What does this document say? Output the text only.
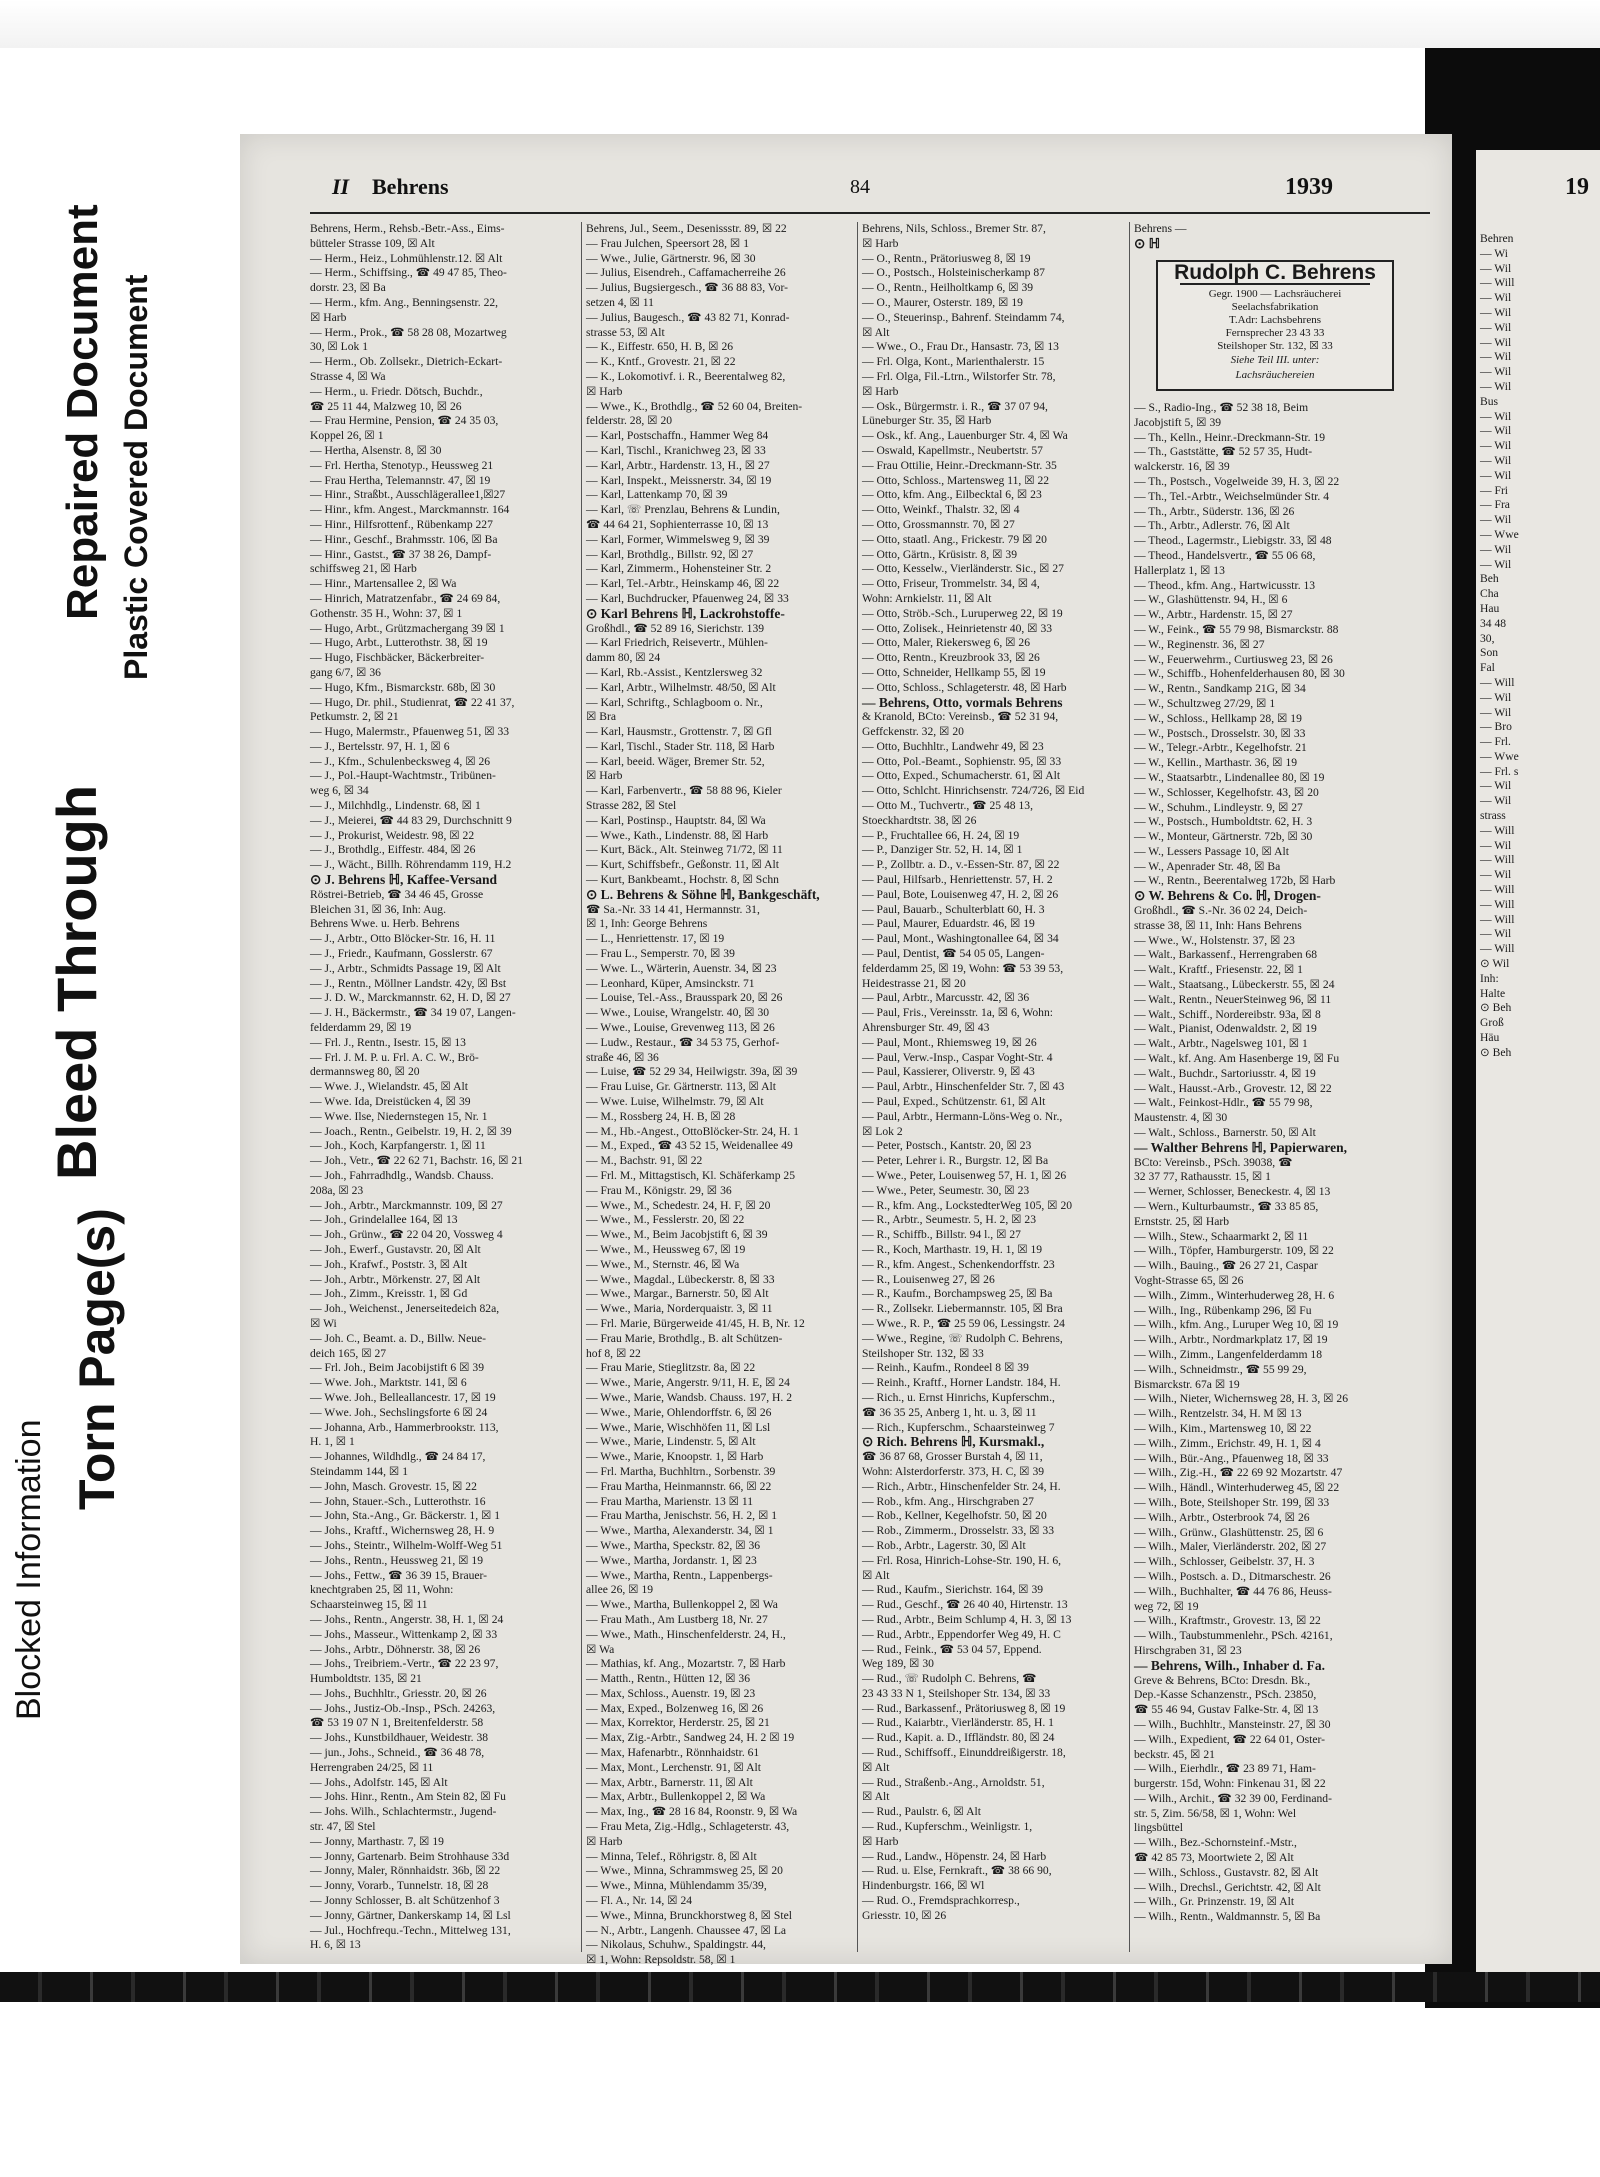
Blocked Information
Torn Page(s)
Bleed Through
Repaired Document Plastic Covered Document
II Behrens	84	1939

Behrens, Herm., Rehsb.-Betr.-Ass., Eims-

bütteler Strasse 109, ☒ Alt

— Herm., Heiz., Lohmühlenstr.12. ☒ Alt

— Herm., Schiffsing., ☎ 49 47 85, Theo-

dorstr. 23, ☒ Ba

— Herm., kfm. Ang., Benningsenstr. 22,

☒ Harb

— Herm., Prok., ☎ 58 28 08, Mozartweg

30, ☒ Lok 1

— Herm., Ob. Zollsekr., Dietrich-Eckart-

Strasse 4, ☒ Wa

— Herm., u. Friedr. Dötsch, Buchdr.,

☎ 25 11 44, Malzweg 10, ☒ 26

— Frau Hermine, Pension, ☎ 24 35 03,

Koppel 26, ☒ 1

— Hertha, Alsenstr. 8, ☒ 30

— Frl. Hertha, Stenotyp., Heussweg 21

— Frau Hertha, Telemannstr. 47, ☒ 19

— Hinr., Straßbt., Ausschlägerallee1,☒27

— Hinr., kfm. Angest., Marckmannstr. 164

— Hinr., Hilfsrottenf., Rübenkamp 227

— Hinr., Geschf., Brahmsstr. 106, ☒ Ba

— Hinr., Gastst., ☎ 37 38 26, Dampf-

schiffsweg 21, ☒ Harb

— Hinr., Martensallee 2, ☒ Wa

— Hinrich, Matratzenfabr., ☎ 24 69 84,

Gothenstr. 35 H., Wohn: 37, ☒ 1

— Hugo, Arbt., Grützmachergang 39 ☒ 1

— Hugo, Arbt., Lutterothstr. 38, ☒ 19

— Hugo, Fischbäcker, Bäckerbreiter-

gang 6/7, ☒ 36

— Hugo, Kfm., Bismarckstr. 68b, ☒ 30

— Hugo, Dr. phil., Studienrat, ☎ 22 41 37,

Petkumstr. 2, ☒ 21

— Hugo, Malermstr., Pfauenweg 51, ☒ 33

— J., Bertelsstr. 97, H. 1, ☒ 6

— J., Kfm., Schulenbecksweg 4, ☒ 26

— J., Pol.-Haupt-Wachtmstr., Tribünen-

weg 6, ☒ 34

— J., Milchhdlg., Lindenstr. 68, ☒ 1

— J., Meierei, ☎ 44 83 29, Durchschnitt 9

— J., Prokurist, Weidestr. 98, ☒ 22

— J., Brothdlg., Eiffestr. 484, ☒ 26

— J., Wächt., Billh. Röhrendamm 119, H.2

⊙ J. Behrens ℍ, Kaffee-Versand

Röstrei-Betrieb, ☎ 34 46 45, Grosse

Bleichen 31, ☒ 36, Inh: Aug.

Behrens Wwe. u. Herb. Behrens

— J., Arbtr., Otto Blöcker-Str. 16, H. 11

— J., Friedr., Kaufmann, Gosslerstr. 67

— J., Arbtr., Schmidts Passage 19, ☒ Alt

— J., Rentn., Möllner Landstr. 42y, ☒ Bst

— J. D. W., Marckmannstr. 62, H. D, ☒ 27

— J. H., Bäckermstr., ☎ 34 19 07, Langen-

felderdamm 29, ☒ 19

— Frl. J., Rentn., Isestr. 15, ☒ 13

— Frl. J. M. P. u. Frl. A. C. W., Brö-

dermannsweg 80, ☒ 20

— Wwe. J., Wielandstr. 45, ☒ Alt

— Wwe. Ida, Dreistücken 4, ☒ 39

— Wwe. Ilse, Niedernstegen 15, Nr. 1

— Joach., Rentn., Geibelstr. 19, H. 2, ☒ 39

— Joh., Koch, Karpfangerstr. 1, ☒ 11

— Joh., Vetr., ☎ 22 62 71, Bachstr. 16, ☒ 21

— Joh., Fahrradhdlg., Wandsb. Chauss.

208a, ☒ 23

— Joh., Arbtr., Marckmannstr. 109, ☒ 27

— Joh., Grindelallee 164, ☒ 13

— Joh., Grünw., ☎ 22 04 20, Vossweg 4

— Joh., Ewerf., Gustavstr. 20, ☒ Alt

— Joh., Krafwf., Poststr. 3, ☒ Alt

— Joh., Arbtr., Mörkenstr. 27, ☒ Alt

— Joh., Zimm., Kreisstr. 1, ☒ Gd

— Joh., Weichenst., Jenerseitedeich 82a,

☒ Wi

— Joh. C., Beamt. a. D., Billw. Neue-

deich 165, ☒ 27

— Frl. Joh., Beim Jacobijstift 6 ☒ 39

— Wwe. Joh., Marktstr. 141, ☒ 6

— Wwe. Joh., Belleallancestr. 17, ☒ 19

— Wwe. Joh., Sechslingsforte 6 ☒ 24

— Johanna, Arb., Hammerbrookstr. 113,

H. 1, ☒ 1

— Johannes, Wildhdlg., ☎ 24 84 17,

Steindamm 144, ☒ 1

— John, Masch. Grovestr. 15, ☒ 22

— John, Stauer.-Sch., Lutterothstr. 16

— John, Sta.-Ang., Gr. Bäckerstr. 1, ☒ 1

— Johs., Kraftf., Wichernsweg 28, H. 9

— Johs., Steintr., Wilhelm-Wolff-Weg 51

— Johs., Rentn., Heussweg 21, ☒ 19

— Johs., Fettw., ☎ 36 39 15, Brauer-

knechtgraben 25, ☒ 11, Wohn:

Schaarsteinweg 15, ☒ 11

— Johs., Rentn., Angerstr. 38, H. 1, ☒ 24

— Johs., Masseur., Wittenkamp 2, ☒ 33

— Johs., Arbtr., Döhnerstr. 38, ☒ 26

— Johs., Treibriem.-Vertr., ☎ 22 23 97,

Humboldtstr. 135, ☒ 21

— Johs., Buchhltr., Griesstr. 20, ☒ 26

— Johs., Justiz-Ob.-Insp., PSch. 24263,

☎ 53 19 07 N 1, Breitenfelderstr. 58

— Johs., Kunstbildhauer, Weidestr. 38

— jun., Johs., Schneid., ☎ 36 48 78,

Herrengraben 24/25, ☒ 11

— Johs., Adolfstr. 145, ☒ Alt

— Johs. Hinr., Rentn., Am Stein 82, ☒ Fu

— Johs. Wilh., Schlachtermstr., Jugend-

str. 47, ☒ Stel

— Jonny, Marthastr. 7, ☒ 19

— Jonny, Gartenarb. Beim Strohhause 33d

— Jonny, Maler, Rönnhaidstr. 36b, ☒ 22

— Jonny, Vorarb., Tunnelstr. 18, ☒ 28

— Jonny Schlosser, B. alt Schützenhof 3

— Jonny, Gärtner, Dankerskamp 14, ☒ Lsl

— Jul., Hochfrequ.-Techn., Mittelweg 131,

H. 6, ☒ 13

Behrens, Jul., Seem., Desenissstr. 89, ☒ 22

— Frau Julchen, Speersort 28, ☒ 1

— Wwe., Julie, Gärtnerstr. 96, ☒ 30

— Julius, Eisendreh., Caffamacherreihe 26

— Julius, Bugsiergesch., ☎ 36 88 83, Vor-

setzen 4, ☒ 11

— Julius, Baugesch., ☎ 43 82 71, Konrad-

strasse 53, ☒ Alt

— K., Eiffestr. 650, H. B, ☒ 26

— K., Kntf., Grovestr. 21, ☒ 22

— K., Lokomotivf. i. R., Beerentalweg 82,

☒ Harb

— Wwe., K., Brothdlg., ☎ 52 60 04, Breiten-

felderstr. 28, ☒ 20

— Karl, Postschaffn., Hammer Weg 84

— Karl, Tischl., Kranichweg 23, ☒ 33

— Karl, Arbtr., Hardenstr. 13, H., ☒ 27

— Karl, Inspekt., Meissnerstr. 34, ☒ 19

— Karl, Lattenkamp 70, ☒ 39

— Karl, ☏ Prenzlau, Behrens & Lundin,

☎ 44 64 21, Sophienterrasse 10, ☒ 13

— Karl, Former, Wimmelsweg 9, ☒ 39

— Karl, Brothdlg., Billstr. 92, ☒ 27

— Karl, Zimmerm., Hohensteiner Str. 2

— Karl, Tel.-Arbtr., Heinskamp 46, ☒ 22

— Karl, Buchdrucker, Pfauenweg 24, ☒ 33

⊙ Karl Behrens ℍ, Lackrohstoffe-

Großhdl., ☎ 52 89 16, Sierichstr. 139

— Karl Friedrich, Reisevertr., Mühlen-

damm 80, ☒ 24

— Karl, Rb.-Assist., Kentzlersweg 32

— Karl, Arbtr., Wilhelmstr. 48/50, ☒ Alt

— Karl, Schriftg., Schlagboom o. Nr.,

☒ Bra

— Karl, Hausmstr., Grottenstr. 7, ☒ Gfl

— Karl, Tischl., Stader Str. 118, ☒ Harb

— Karl, beeid. Wäger, Bremer Str. 52,

☒ Harb

— Karl, Farbenvertr., ☎ 58 88 96, Kieler

Strasse 282, ☒ Stel

— Karl, Postinsp., Hauptstr. 84, ☒ Wa

— Wwe., Kath., Lindenstr. 88, ☒ Harb

— Kurt, Bäck., Alt. Steinweg 71/72, ☒ 11

— Kurt, Schiffsbefr., Geßonstr. 11, ☒ Alt

— Kurt, Bankbeamt., Hochstr. 8, ☒ Schn

⊙ L. Behrens & Söhne ℍ, Bankgeschäft,

☎ Sa.-Nr. 33 14 41, Hermannstr. 31,

☒ 1, Inh: George Behrens

— L., Henriettenstr. 17, ☒ 19

— Frau L., Semperstr. 70, ☒ 39

— Wwe. L., Wärterin, Auenstr. 34, ☒ 23

— Leonhard, Küper, Amsinckstr. 71

— Louise, Tel.-Ass., Brausspark 20, ☒ 26

— Wwe., Louise, Wrangelstr. 40, ☒ 30

— Wwe., Louise, Grevenweg 113, ☒ 26

— Ludw., Restaur., ☎ 34 53 75, Gerhof-

straße 46, ☒ 36

— Luise, ☎ 52 29 34, Heilwigstr. 39a, ☒ 39

— Frau Luise, Gr. Gärtnerstr. 113, ☒ Alt

— Wwe. Luise, Wilhelmstr. 79, ☒ Alt

— M., Rossberg 24, H. B, ☒ 28

— M., Hb.-Angest., OttoBlöcker-Str. 24, H. 1

— M., Exped., ☎ 43 52 15, Weidenallee 49

— M., Bachstr. 91, ☒ 22

— Frl. M., Mittagstisch, Kl. Schäferkamp 25

— Frau M., Königstr. 29, ☒ 36

— Wwe., M., Schedestr. 24, H. F, ☒ 20

— Wwe., M., Fesslerstr. 20, ☒ 22

— Wwe., M., Beim Jacobjstift 6, ☒ 39

— Wwe., M., Heussweg 67, ☒ 19

— Wwe., M., Sternstr. 46, ☒ Wa

— Wwe., Magdal., Lübeckerstr. 8, ☒ 33

— Wwe., Margar., Barnerstr. 50, ☒ Alt

— Wwe., Maria, Norderquaistr. 3, ☒ 11

— Frl. Marie, Bürgerweide 41/45, H. B, Nr. 12

— Frau Marie, Brothdlg., B. alt Schützen-

hof 8, ☒ 22

— Frau Marie, Stieglitzstr. 8a, ☒ 22

— Wwe., Marie, Angerstr. 9/11, H. E, ☒ 24

— Wwe., Marie, Wandsb. Chauss. 197, H. 2

— Wwe., Marie, Ohlendorffstr. 6, ☒ 26

— Wwe., Marie, Wischhöfen 11, ☒ Lsl

— Wwe., Marie, Lindenstr. 5, ☒ Alt

— Wwe., Marie, Knoopstr. 1, ☒ Harb

— Frl. Martha, Buchhltrn., Sorbenstr. 39

— Frau Martha, Heinmannstr. 66, ☒ 22

— Frau Martha, Marienstr. 13 ☒ 11

— Frau Martha, Jenischstr. 56, H. 2, ☒ 1

— Wwe., Martha, Alexanderstr. 34, ☒ 1

— Wwe., Martha, Speckstr. 82, ☒ 36

— Wwe., Martha, Jordanstr. 1, ☒ 23

— Wwe., Martha, Rentn., Lappenbergs-

allee 26, ☒ 19

— Wwe., Martha, Bullenkoppel 2, ☒ Wa

— Frau Math., Am Lustberg 18, Nr. 27

— Wwe., Math., Hinschenfelderstr. 24, H.,

☒ Wa

— Mathias, kf. Ang., Mozartstr. 7, ☒ Harb

— Matth., Rentn., Hütten 12, ☒ 36

— Max, Schloss., Auenstr. 19, ☒ 23

— Max, Exped., Bolzenweg 16, ☒ 26

— Max, Korrektor, Herderstr. 25, ☒ 21

— Max, Zig.-Arbtr., Sandweg 24, H. 2 ☒ 19

— Max, Hafenarbtr., Rönnhaidstr. 61

— Max, Mont., Lerchenstr. 91, ☒ Alt

— Max, Arbtr., Barnerstr. 11, ☒ Alt

— Max, Arbtr., Bullenkoppel 2, ☒ Wa

— Max, Ing., ☎ 28 16 84, Roonstr. 9, ☒ Wa

— Frau Meta, Zig.-Hdlg., Schlageterstr. 43,

☒ Harb

— Minna, Telef., Röhrigstr. 8, ☒ Alt

— Wwe., Minna, Schrammsweg 25, ☒ 20

— Wwe., Minna, Mühlendamm 35/39,

— Fl. A., Nr. 14, ☒ 24

— Wwe., Minna, Brunckhorstweg 8, ☒ Stel

— N., Arbtr., Langenh. Chaussee 47, ☒ La

— Nikolaus, Schuhw., Spaldingstr. 44,

☒ 1, Wohn: Repsoldstr. 58, ☒ 1

Behrens, Nils, Schloss., Bremer Str. 87,

☒ Harb

— O., Rentn., Prätoriusweg 8, ☒ 19

— O., Postsch., Holsteinischerkamp 87

— O., Rentn., Heilholtkamp 6, ☒ 39

— O., Maurer, Osterstr. 189, ☒ 19

— O., Steuerinsp., Bahrenf. Steindamm 74,

☒ Alt

— Wwe., O., Frau Dr., Hansastr. 73, ☒ 13

— Frl. Olga, Kont., Marienthalerstr. 15

— Frl. Olga, Fil.-Ltrn., Wilstorfer Str. 78,

☒ Harb

— Osk., Bürgermstr. i. R., ☎ 37 07 94,

Lüneburger Str. 35, ☒ Harb

— Osk., kf. Ang., Lauenburger Str. 4, ☒ Wa

— Oswald, Kapellmstr., Neubertstr. 57

— Frau Ottilie, Heinr.-Dreckmann-Str. 35

— Otto, Schloss., Martensweg 11, ☒ 22

— Otto, kfm. Ang., Eilbecktal 6, ☒ 23

— Otto, Weinkf., Thalstr. 32, ☒ 4

— Otto, Grossmannstr. 70, ☒ 27

— Otto, staatl. Ang., Frickestr. 79 ☒ 20

— Otto, Gärtn., Krüsistr. 8, ☒ 39

— Otto, Kesselw., Vierländerstr. Sic., ☒ 27

— Otto, Friseur, Trommelstr. 34, ☒ 4,

Wohn: Arnkielstr. 11, ☒ Alt

— Otto, Ströb.-Sch., Luruperweg 22, ☒ 19

— Otto, Zolisek., Heinrietenstr 40, ☒ 33

— Otto, Maler, Riekersweg 6, ☒ 26

— Otto, Rentn., Kreuzbrook 33, ☒ 26

— Otto, Schneider, Hellkamp 55, ☒ 19

— Otto, Schloss., Schlageterstr. 48, ☒ Harb

— Behrens, Otto, vormals Behrens

& Kranold, BCto: Vereinsb., ☎ 52 31 94,

Geffckenstr. 32, ☒ 20

— Otto, Buchhltr., Landwehr 49, ☒ 23

— Otto, Pol.-Beamt., Sophienstr. 95, ☒ 33

— Otto, Exped., Schumacherstr. 61, ☒ Alt

— Otto, Schlcht. Hinrichsenstr. 724/726, ☒ Eid

— Otto M., Tuchvertr., ☎ 25 48 13,

Stoeckhardtstr. 38, ☒ 26

— P., Fruchtallee 66, H. 24, ☒ 19

— P., Danziger Str. 52, H. 14, ☒ 1

— P., Zollbtr. a. D., v.-Essen-Str. 87, ☒ 22

— Paul, Hilfsarb., Henriettenstr. 57, H. 2

— Paul, Bote, Louisenweg 47, H. 2, ☒ 26

— Paul, Bauarb., Schulterblatt 60, H. 3

— Paul, Maurer, Eduardstr. 46, ☒ 19

— Paul, Mont., Washingtonallee 64, ☒ 34

— Paul, Dentist, ☎ 54 05 05, Langen-

felderdamm 25, ☒ 19, Wohn: ☎ 53 39 53,

Heidestrasse 21, ☒ 20

— Paul, Arbtr., Marcusstr. 42, ☒ 36

— Paul, Fris., Vereinsstr. 1a, ☒ 6, Wohn:

Ahrensburger Str. 49, ☒ 43

— Paul, Mont., Rhiemsweg 19, ☒ 26

— Paul, Verw.-Insp., Caspar Voght-Str. 4

— Paul, Kassierer, Oliverstr. 9, ☒ 43

— Paul, Arbtr., Hinschenfelder Str. 7, ☒ 43

— Paul, Exped., Schützenstr. 61, ☒ Alt

— Paul, Arbtr., Hermann-Löns-Weg o. Nr.,

☒ Lok 2

— Peter, Postsch., Kantstr. 20, ☒ 23

— Peter, Lehrer i. R., Burgstr. 12, ☒ Ba

— Wwe., Peter, Louisenweg 57, H. 1, ☒ 26

— Wwe., Peter, Seumestr. 30, ☒ 23

— R., kfm. Ang., LockstedterWeg 105, ☒ 20

— R., Arbtr., Seumestr. 5, H. 2, ☒ 23

— R., Schiffb., Billstr. 94 l., ☒ 27

— R., Koch, Marthastr. 19, H. 1, ☒ 19

— R., kfm. Angest., Schenkendorffstr. 23

— R., Louisenweg 27, ☒ 26

— R., Kaufm., Borchampsweg 25, ☒ Ba

— R., Zollsekr. Liebermannstr. 105, ☒ Bra

— Wwe., R. P., ☎ 25 59 06, Lessingstr. 24

— Wwe., Regine, ☏ Rudolph C. Behrens,

Steilshoper Str. 132, ☒ 33

— Reinh., Kaufm., Rondeel 8 ☒ 39

— Reinh., Kraftf., Horner Landstr. 184, H.

— Rich., u. Ernst Hinrichs, Kupferschm.,

☎ 36 35 25, Anberg 1, ht. u. 3, ☒ 11

— Rich., Kupferschm., Schaarsteinweg 7

⊙ Rich. Behrens ℍ, Kursmakl.,

☎ 36 87 68, Grosser Burstah 4, ☒ 11,

Wohn: Alsterdorferstr. 373, H. C, ☒ 39

— Rich., Arbtr., Hinschenfelder Str. 24, H.

— Rob., kfm. Ang., Hirschgraben 27

— Rob., Kellner, Kegelhofstr. 50, ☒ 20

— Rob., Zimmerm., Drosselstr. 33, ☒ 33

— Rob., Arbtr., Lagerstr. 30, ☒ Alt

— Frl. Rosa, Hinrich-Lohse-Str. 190, H. 6,

☒ Alt

— Rud., Kaufm., Sierichstr. 164, ☒ 39

— Rud., Geschf., ☎ 26 40 40, Hirtenstr. 13

— Rud., Arbtr., Beim Schlump 4, H. 3, ☒ 13

— Rud., Arbtr., Eppendorfer Weg 49, H. C

— Rud., Feink., ☎ 53 04 57, Eppend.

Weg 189, ☒ 30

— Rud., ☏ Rudolph C. Behrens, ☎

23 43 33 N 1, Steilshoper Str. 134, ☒ 33

— Rud., Barkassenf., Prätoriusweg 8, ☒ 19

— Rud., Kaiarbtr., Vierländerstr. 85, H. 1

— Rud., Kapit. a. D., Iffländstr. 80, ☒ 24

— Rud., Schiffsoff., Einunddreißigerstr. 18,

☒ Alt

— Rud., Straßenb.-Ang., Arnoldstr. 51,

☒ Alt

— Rud., Paulstr. 6, ☒ Alt

— Rud., Kupferschm., Weinligstr. 1,

☒ Harb

— Rud., Landw., Höpenstr. 24, ☒ Harb

— Rud. u. Else, Fernkraft., ☎ 38 66 90,

Hindenburgstr. 166, ☒ Wl

— Rud. O., Fremdsprachkorresp.,

Griesstr. 10, ☒ 26

Behrens —

⊙ ℍ

Rudolph C. Behrens
Gegr. 1900 — Lachsräucherei
Seelachsfabrikation
T.Adr: Lachsbehrens
Fernsprecher 23 43 33
Steilshoper Str. 132, ☒ 33
Siehe Teil III. unter:
Lachsräuchereien

— S., Radio-Ing., ☎ 52 38 18, Beim

Jacobjstift 5, ☒ 39

— Th., Kelln., Heinr.-Dreckmann-Str. 19

— Th., Gaststätte, ☎ 52 57 35, Hudt-

walckerstr. 16, ☒ 39

— Th., Postsch., Vogelweide 39, H. 3, ☒ 22

— Th., Tel.-Arbtr., Weichselmünder Str. 4

— Th., Arbtr., Süderstr. 136, ☒ 26

— Th., Arbtr., Adlerstr. 76, ☒ Alt

— Theod., Lagermstr., Liebigstr. 33, ☒ 48

— Theod., Handelsvertr., ☎ 55 06 68,

Hallerplatz 1, ☒ 13

— Theod., kfm. Ang., Hartwicusstr. 13

— W., Glashüttenstr. 94, H., ☒ 6

— W., Arbtr., Hardenstr. 15, ☒ 27

— W., Feink., ☎ 55 79 98, Bismarckstr. 88

— W., Reginenstr. 36, ☒ 27

— W., Feuerwehrm., Curtiusweg 23, ☒ 26

— W., Schiffb., Hohenfelderhausen 80, ☒ 30

— W., Rentn., Sandkamp 21G, ☒ 34

— W., Schultzweg 27/29, ☒ 1

— W., Schloss., Hellkamp 28, ☒ 19

— W., Postsch., Drosselstr. 30, ☒ 33

— W., Telegr.-Arbtr., Kegelhofstr. 21

— W., Kellin., Marthastr. 36, ☒ 19

— W., Staatsarbtr., Lindenallee 80, ☒ 19

— W., Schlosser, Kegelhofstr. 43, ☒ 20

— W., Schuhm., Lindleystr. 9, ☒ 27

— W., Postsch., Humboldtstr. 62, H. 3

— W., Monteur, Gärtnerstr. 72b, ☒ 30

— W., Lessers Passage 10, ☒ Alt

— W., Apenrader Str. 48, ☒ Ba

— W., Rentn., Beerentalweg 172b, ☒ Harb

⊙ W. Behrens & Co. ℍ, Drogen-

Großhdl., ☎ S.-Nr. 36 02 24, Deich-

strasse 38, ☒ 11, Inh: Hans Behrens

— Wwe., W., Holstenstr. 37, ☒ 23

— Walt., Barkassenf., Herrengraben 68

— Walt., Kraftf., Friesenstr. 22, ☒ 1

— Walt., Staatsang., Lübeckerstr. 55, ☒ 24

— Walt., Rentn., NeuerSteinweg 96, ☒ 11

— Walt., Schiff., Nordereibstr. 93a, ☒ 8

— Walt., Pianist, Odenwaldstr. 2, ☒ 19

— Walt., Arbtr., Nagelsweg 101, ☒ 1

— Walt., kf. Ang. Am Hasenberge 19, ☒ Fu

— Walt., Buchdr., Sartoriusstr. 4, ☒ 19

— Walt., Hausst.-Arb., Grovestr. 12, ☒ 22

— Walt., Feinkost-Hdlr., ☎ 55 79 98,

Maustenstr. 4, ☒ 30

— Walt., Schloss., Barnerstr. 50, ☒ Alt

— Walther Behrens ℍ, Papierwaren,

BCto: Vereinsb., PSch. 39038, ☎

32 37 77, Rathausstr. 15, ☒ 1

— Werner, Schlosser, Beneckestr. 4, ☒ 13

— Wern., Kulturbaumstr., ☎ 33 85 85,

Ernststr. 25, ☒ Harb

— Wilh., Stew., Schaarmarkt 2, ☒ 11

— Wilh., Töpfer, Hamburgerstr. 109, ☒ 22

— Wilh., Bauing., ☎ 26 27 21, Caspar

Voght-Strasse 65, ☒ 26

— Wilh., Zimm., Winterhuderweg 28, H. 6

— Wilh., Ing., Rübenkamp 296, ☒ Fu

— Wilh., kfm. Ang., Luruper Weg 10, ☒ 19

— Wilh., Arbtr., Nordmarkplatz 17, ☒ 19

— Wilh., Zimm., Langenfelderdamm 18

— Wilh., Schneidmstr., ☎ 55 99 29,

Bismarckstr. 67a ☒ 19

— Wilh., Nieter, Wichernsweg 28, H. 3, ☒ 26

— Wilh., Rentzelstr. 34, H. M ☒ 13

— Wilh., Kim., Martensweg 10, ☒ 22

— Wilh., Zimm., Erichstr. 49, H. 1, ☒ 4

— Wilh., Bür.-Ang., Pfauenweg 18, ☒ 33

— Wilh., Zig.-H., ☎ 22 69 92 Mozartstr. 47

— Wilh., Händl., Winterhuderweg 45, ☒ 22

— Wilh., Bote, Steilshoper Str. 199, ☒ 33

— Wilh., Arbtr., Osterbrook 74, ☒ 26

— Wilh., Grünw., Glashüttenstr. 25, ☒ 6

— Wilh., Maler, Vierländerstr. 202, ☒ 27

— Wilh., Schlosser, Geibelstr. 37, H. 3

— Wilh., Postsch. a. D., Ditmarschestr. 26

— Wilh., Buchhalter, ☎ 44 76 86, Heuss-

weg 72, ☒ 19

— Wilh., Kraftmstr., Grovestr. 13, ☒ 22

— Wilh., Taubstummenlehr., PSch. 42161,

Hirschgraben 31, ☒ 23

— Behrens, Wilh., Inhaber d. Fa.

Greve & Behrens, BCto: Dresdn. Bk.,

Dep.-Kasse Schanzenstr., PSch. 23850,

☎ 55 46 94, Gustav Falke-Str. 4, ☒ 13

— Wilh., Buchhltr., Mansteinstr. 27, ☒ 30

— Wilh., Expedient, ☎ 22 64 01, Oster-

beckstr. 45, ☒ 21

— Wilh., Eierhdlr., ☎ 23 89 71, Ham-

burgerstr. 15d, Wohn: Finkenau 31, ☒ 22

— Wilh., Archit., ☎ 32 39 00, Ferdinand-

str. 5, Zim. 56/58, ☒ 1, Wohn: Wel

lingsbüttel

— Wilh., Bez.-Schornsteinf.-Mstr.,

☎ 42 85 73, Moortwiete 2, ☒ Alt

— Wilh., Schloss., Gustavstr. 82, ☒ Alt

— Wilh., Drechsl., Gerichtstr. 42, ☒ Alt

— Wilh., Gr. Prinzenstr. 19, ☒ Alt

— Wilh., Rentn., Waldmannstr. 5, ☒ Ba

19

Behren

— Wi

— Wil

— Will

— Wil

— Wil

— Wil

— Wil

— Wil

— Wil

— Wil

Bus

— Wil

— Wil

— Wil

— Wil

— Wil

— Fri

— Fra

— Wil

— Wwe

— Wil

— Wil

Beh

Cha

Hau

34 48

30,

Son

Fal

— Will

— Wil

— Wil

— Bro

— Frl.

— Wwe

— Frl. s

— Wil

— Wil

strass

— Will

— Wil

— Will

— Wil

— Will

— Will

— Will

— Wil

— Will

⊙ Wil

Inh:

Halte

⊙ Beh

Groß

Häu

⊙ Beh
